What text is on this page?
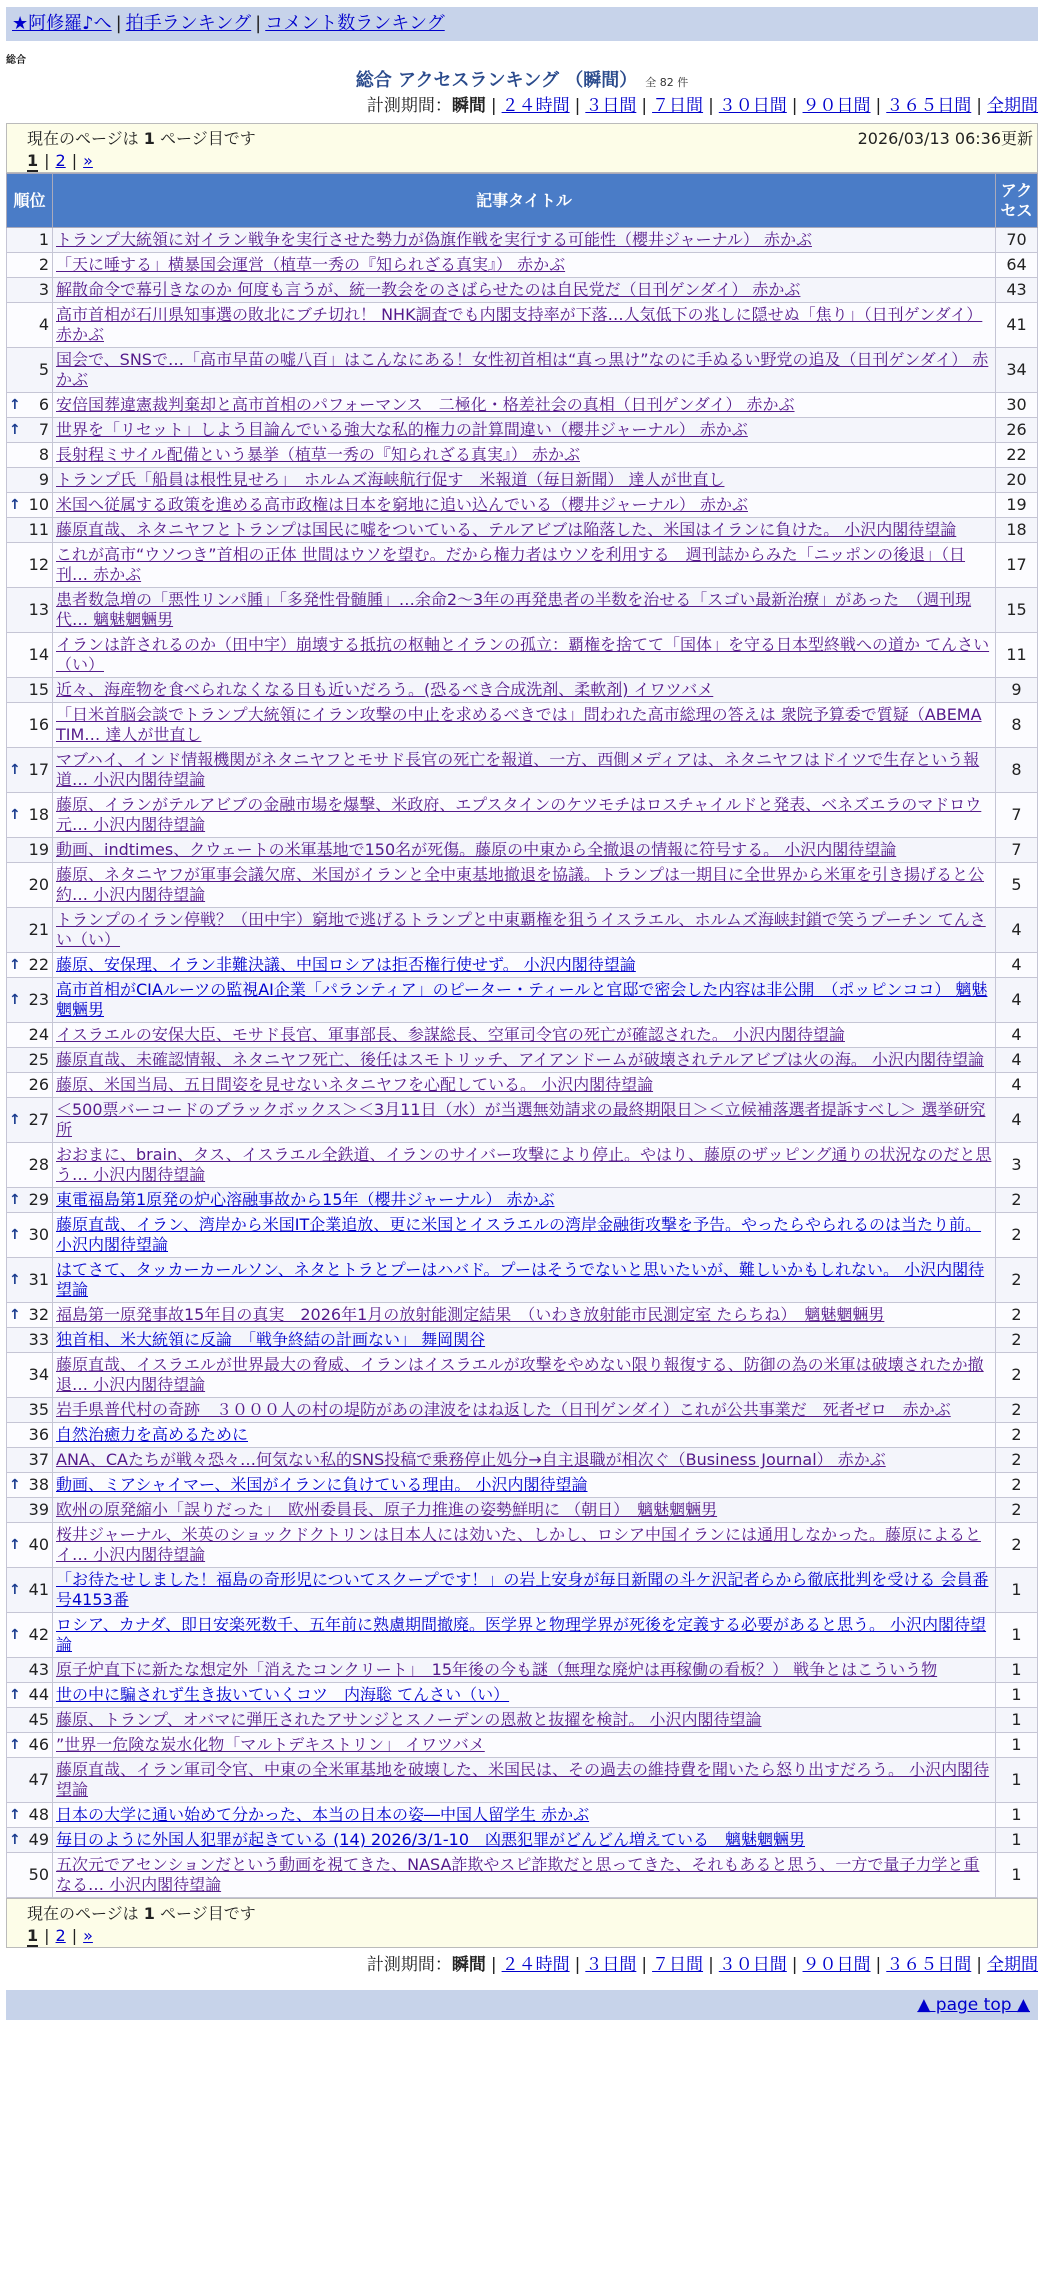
★阿修羅♪へ | 拍手ランキング | コメント数ランキング
総合
総合 アクセスランキング （瞬間） 全 82 件
計測期間：瞬間 | ２４時間 | ３日間 | ７日間 | ３０日間 | ９０日間 | ３６５日間 | 全期間
現在のページは 1 ページ目です	2026/03/13 06:36更新
1 | 2 | »
順位	記事タイトル	アクセス
1	トランプ大統領に対イラン戦争を実行させた勢力が偽旗作戦を実行する可能性（櫻井ジャーナル） 赤かぶ	70
2	「天に唾する」横暴国会運営（植草一秀の『知られざる真実』） 赤かぶ	64
3	解散命令で幕引きなのか 何度も言うが、統一教会をのさばらせたのは自民党だ（日刊ゲンダイ） 赤かぶ	43
4	高市首相が石川県知事選の敗北にブチ切れ！ NHK調査でも内閣支持率が下落…人気低下の兆しに隠せぬ「焦り」（日刊ゲンダイ） 赤かぶ	41
5	国会で、SNSで…「高市早苗の嘘八百」はこんなにある！女性初首相は“真っ黒け”なのに手ぬるい野党の追及（日刊ゲンダイ） 赤かぶ	34

↑ 6	安倍国葬違憲裁判棄却と高市首相のパフォーマンス　二極化・格差社会の真相（日刊ゲンダイ） 赤かぶ	30

↑ 7	世界を「リセット」しよう目論んでいる強大な私的権力の計算間違い（櫻井ジャーナル） 赤かぶ	26
8	長射程ミサイル配備という暴挙（植草一秀の『知られざる真実』） 赤かぶ	22
9	トランプ氏「船員は根性見せろ」　ホルムズ海峡航行促す　米報道（毎日新聞） 達人が世直し	20

↑ 10	米国へ従属する政策を進める高市政権は日本を窮地に追い込んでいる（櫻井ジャーナル） 赤かぶ	19
11	藤原直哉、ネタニヤフとトランプは国民に嘘をついている、テルアビブは陥落した、米国はイランに負けた。 小沢内閣待望論	18
12	これが高市“ウソつき”首相の正体 世間はウソを望む。だから権力者はウソを利用する　週刊誌からみた「ニッポンの後退」（日刊… 赤かぶ	17
13	患者数急増の「悪性リンパ腫」「多発性骨髄腫」…余命2～3年の再発患者の半数を治せる「スゴい最新治療」があった　（週刊現代… 魑魅魍魎男	15
14	イランは許されるのか（田中宇）崩壊する抵抗の枢軸とイランの孤立：覇権を捨てて「国体」を守る日本型終戦への道か てんさい（い）	11
15	近々、海産物を食べられなくなる日も近いだろう。(恐るべき合成洗剤、柔軟剤) イワツバメ	9
16	「日米首脳会談でトランプ大統領にイラン攻撃の中止を求めるべきでは」問われた高市総理の答えは 衆院予算委で質疑（ABEMA TIM… 達人が世直し	8

↑ 17	マブハイ、インド情報機関がネタニヤフとモサド長官の死亡を報道、一方、西側メディアは、ネタニヤフはドイツで生存という報道… 小沢内閣待望論	8

↑ 18	藤原、イランがテルアビブの金融市場を爆撃、米政府、エプスタインのケツモチはロスチャイルドと発表、ベネズエラのマドロウ元… 小沢内閣待望論	7
19	動画、indtimes、クウェートの米軍基地で150名が死傷。藤原の中東から全撤退の情報に符号する。 小沢内閣待望論	7
20	藤原、ネタニヤフが軍事会議欠席、米国がイランと全中東基地撤退を協議。トランプは一期目に全世界から米軍を引き揚げると公約… 小沢内閣待望論	5
21	トランプのイラン停戦？（田中宇）窮地で逃げるトランプと中東覇権を狙うイスラエル、ホルムズ海峡封鎖で笑うプーチン てんさい（い）	4

↑ 22	藤原、安保理、イラン非難決議、中国ロシアは拒否権行使せず。 小沢内閣待望論	4

↑ 23	高市首相がCIAルーツの監視AI企業「パランティア」のピーター・ティールと官邸で密会した内容は非公開　（ポッピンココ） 魑魅魍魎男	4
24	イスラエルの安保大臣、モサド長官、軍事部長、参謀総長、空軍司令官の死亡が確認された。 小沢内閣待望論	4
25	藤原直哉、未確認情報、ネタニヤフ死亡、後任はスモトリッチ、アイアンドームが破壊されテルアビブは火の海。 小沢内閣待望論	4
26	藤原、米国当局、五日間姿を見せないネタニヤフを心配している。 小沢内閣待望論	4

↑ 27	＜500票バーコードのブラックボックス＞＜3月11日（水）が当選無効請求の最終期限日＞＜立候補落選者提訴すべし＞ 選挙研究所	4
28	おおまに、brain、タス、イスラエル全鉄道、イランのサイバー攻撃により停止。やはり、藤原のザッピング通りの状況なのだと思う… 小沢内閣待望論	3

↑ 29	東電福島第1原発の炉心溶融事故から15年（櫻井ジャーナル） 赤かぶ	2

↑ 30	藤原直哉、イラン、湾岸から米国IT企業追放、更に米国とイスラエルの湾岸金融街攻撃を予告。やったらやられるのは当たり前。 小沢内閣待望論	2

↑ 31	はてさて、タッカーカールソン、ネタとトラとプーはハバド。プーはそうでないと思いたいが、難しいかもしれない。 小沢内閣待望論	2

↑ 32	福島第一原発事故15年目の真実　2026年1月の放射能測定結果　（いわき放射能市民測定室 たらちね）　魑魅魍魎男	2
33	独首相、米大統領に反論　「戦争終結の計画ない」 舞岡関谷	2
34	藤原直哉、イスラエルが世界最大の脅威、イランはイスラエルが攻撃をやめない限り報復する、防御の為の米軍は破壊されたか撤退… 小沢内閣待望論	2
35	岩手県普代村の奇跡　３０００人の村の堤防があの津波をはね返した（日刊ゲンダイ）これが公共事業だ　死者ゼロ　赤かぶ	2
36	自然治癒力を高めるために	2
37	ANA、CAたちが戦々恐々…何気ない私的SNS投稿で乗務停止処分→自主退職が相次ぐ（Business Journal） 赤かぶ	2

↑ 38	動画、ミアシャイマー、米国がイランに負けている理由。 小沢内閣待望論	2
39	欧州の原発縮小「誤りだった」　欧州委員長、原子力推進の姿勢鮮明に （朝日）　魑魅魍魎男	2

↑ 40	桜井ジャーナル、米英のショックドクトリンは日本人には効いた、しかし、ロシア中国イランには通用しなかった。藤原によるとイ… 小沢内閣待望論	2

↑ 41	「お待たせしました！福島の奇形児についてスクープです！」の岩上安身が毎日新聞の斗ケ沢記者らから徹底批判を受ける 会員番号4153番	1

↑ 42	ロシア、カナダ、即日安楽死数千、五年前に熟慮期間撤廃。医学界と物理学界が死後を定義する必要があると思う。 小沢内閣待望論	1
43	原子炉直下に新たな想定外「消えたコンクリート」　15年後の今も謎（無理な廃炉は再稼働の看板？） 戦争とはこういう物	1

↑ 44	世の中に騙されず生き抜いていくコツ　内海聡 てんさい（い）	1
45	藤原、トランプ、オバマに弾圧されたアサンジとスノーデンの恩赦と抜擢を検討。 小沢内閣待望論	1

↑ 46	”世界一危険な炭水化物「マルトデキストリン」 イワツバメ	1
47	藤原直哉、イラン軍司令官、中東の全米軍基地を破壊した、米国民は、その過去の維持費を聞いたら怒り出すだろう。 小沢内閣待望論	1

↑ 48	日本の大学に通い始めて分かった、本当の日本の姿―中国人留学生 赤かぶ	1

↑ 49	毎日のように外国人犯罪が起きている (14) 2026/3/1-10　凶悪犯罪がどんどん増えている　魑魅魍魎男	1
50	五次元でアセンションだという動画を視てきた、NASA詐欺やスピ詐欺だと思ってきた、それもあると思う、一方で量子力学と重なる… 小沢内閣待望論	1
現在のページは 1 ページ目です
1 | 2 | »
計測期間：瞬間 | ２４時間 | ３日間 | ７日間 | ３０日間 | ９０日間 | ３６５日間 | 全期間
▲ page top ▲
